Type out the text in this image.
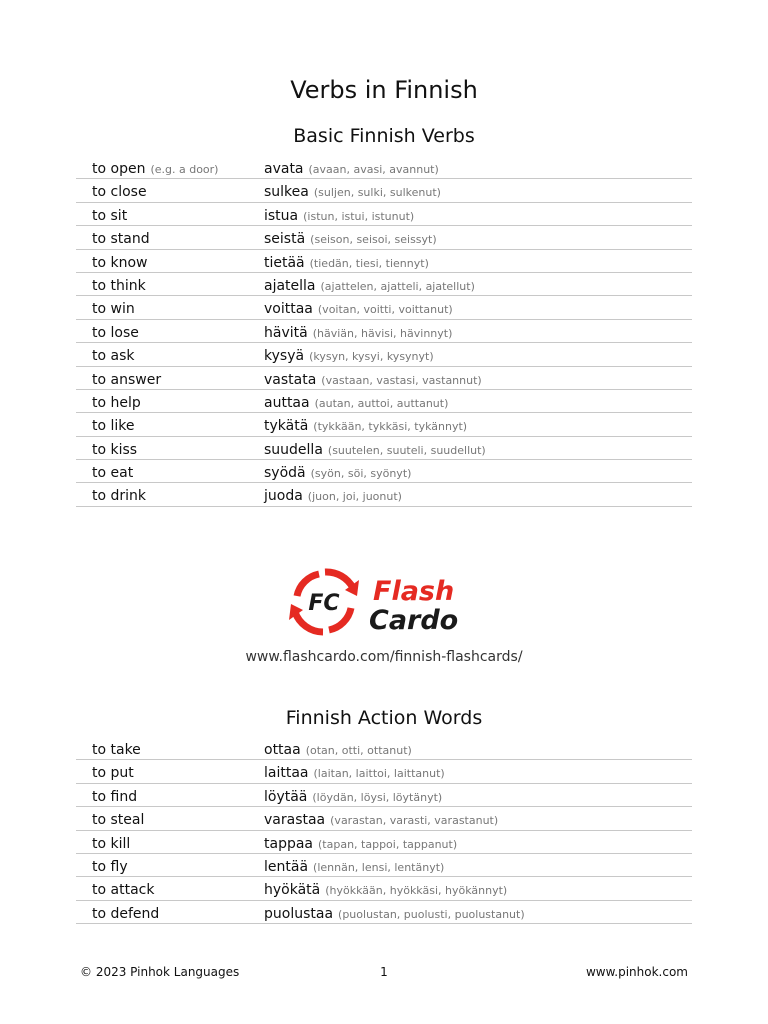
Verbs in Finnish
Basic Finnish Verbs
to open (e.g. a door)	avata (avaan, avasi, avannut)
to close	sulkea (suljen, sulki, sulkenut)
to sit	istua (istun, istui, istunut)
to stand	seistä (seison, seisoi, seissyt)
to know	tietää (tiedän, tiesi, tiennyt)
to think	ajatella (ajattelen, ajatteli, ajatellut)
to win	voittaa (voitan, voitti, voittanut)
to lose	hävitä (häviän, hävisi, hävinnyt)
to ask	kysyä (kysyn, kysyi, kysynyt)
to answer	vastata (vastaan, vastasi, vastannut)
to help	auttaa (autan, auttoi, auttanut)
to like	tykätä (tykkään, tykkäsi, tykännyt)
to kiss	suudella (suutelen, suuteli, suudellut)
to eat	syödä (syön, söi, syönyt)
to drink	juoda (juon, joi, juonut)
FC Flash
Cardo
www.flashcardo.com/finnish-flashcards/
Finnish Action Words
to take	ottaa (otan, otti, ottanut)
to put	laittaa (laitan, laittoi, laittanut)
to find	löytää (löydän, löysi, löytänyt)
to steal	varastaa (varastan, varasti, varastanut)
to kill	tappaa (tapan, tappoi, tappanut)
to fly	lentää (lennän, lensi, lentänyt)
to attack	hyökätä (hyökkään, hyökkäsi, hyökännyt)
to defend	puolustaa (puolustan, puolusti, puolustanut)
© 2023 Pinhok Languages	1	www.pinhok.com
